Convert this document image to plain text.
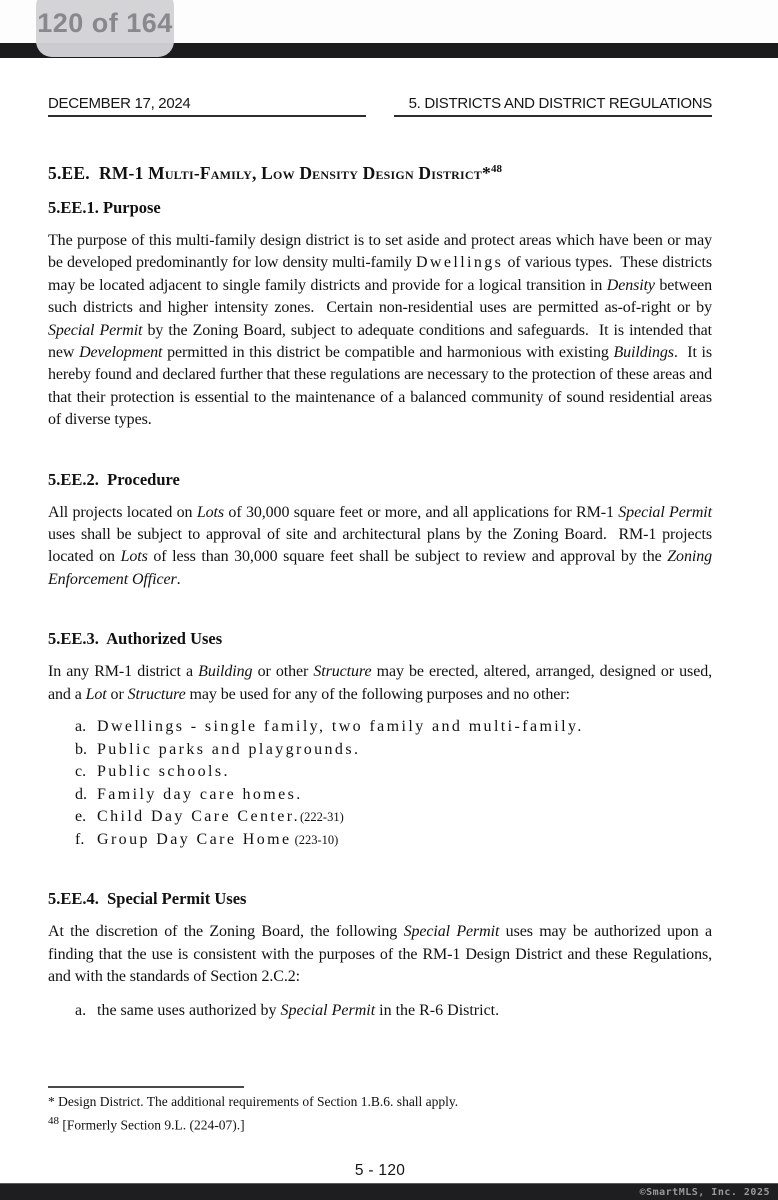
120 of 164
DECEMBER 17, 2024	5. DISTRICTS AND DISTRICT REGULATIONS
5.EE.  RM-1 Multi-Family, Low Density Design District*$^{48}$
5.EE.1. Purpose

The purpose of this multi-family design district is to set aside and protect areas which have been or may be developed predominantly for low density multi-family Dwellings of various types.  These districts may be located adjacent to single family districts and provide for a logical transition in Density between such districts and higher intensity zones.  Certain non-residential uses are permitted as-of-right or by Special Permit by the Zoning Board, subject to adequate conditions and safeguards.  It is intended that new Development permitted in this district be compatible and harmonious with existing Buildings.  It is hereby found and declared further that these regulations are necessary to the protection of these areas and that their protection is essential to the maintenance of a balanced community of sound residential areas of diverse types.

5.EE.2.  Procedure

All projects located on Lots of 30,000 square feet or more, and all applications for RM-1 Special Permit uses shall be subject to approval of site and architectural plans by the Zoning Board.  RM-1 projects located on Lots of less than 30,000 square feet shall be subject to review and approval by the Zoning Enforcement Officer.

5.EE.3.  Authorized Uses

In any RM-1 district a Building or other Structure may be erected, altered, arranged, designed or used, and a Lot or Structure may be used for any of the following purposes and no other:

a. Dwellings - single family, two family and multi-family.
b. Public parks and playgrounds.
c. Public schools.
d. Family day care homes.
e. Child Day Care Center.(222-31)
f. Group Day Care Home (223-10)
5.EE.4.  Special Permit Uses

At the discretion of the Zoning Board, the following Special Permit uses may be authorized upon a finding that the use is consistent with the purposes of the RM-1 Design District and these Regulations, and with the standards of Section 2.C.2:

a. the same uses authorized by Special Permit in the R-6 District.
* Design District. The additional requirements of Section 1.B.6. shall apply.
$^{48}$ [Formerly Section 9.L. (224-07).]
5 - 120
©SmartMLS, Inc. 2025
